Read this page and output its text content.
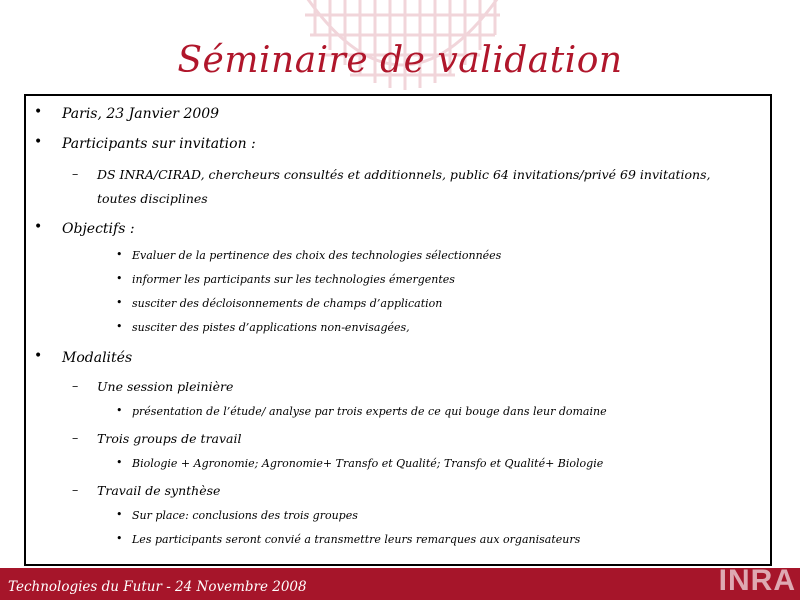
Séminaire de validation
• Paris, 23 Janvier 2009
• Participants sur invitation :
– DS INRA/CIRAD, chercheurs consultés et additionnels, public 64 invitations/privé 69 invitations,
toutes disciplines
• Objectifs :
• Evaluer de la pertinence des choix des technologies sélectionnées
• informer les participants sur les technologies émergentes
• susciter des décloisonnements de champs d’application
• susciter des pistes d’applications non-envisagées,
• Modalités
– Une session pleinière
• présentation de l’étude/ analyse par trois experts de ce qui bouge dans leur domaine
– Trois groups de travail
• Biologie + Agronomie; Agronomie+ Transfo et Qualité; Transfo et Qualité+ Biologie
– Travail de synthèse
• Sur place: conclusions des trois groupes
• Les participants seront convié a transmettre leurs remarques aux organisateurs
Technologies du Futur - 24 Novembre 2008	INRA
